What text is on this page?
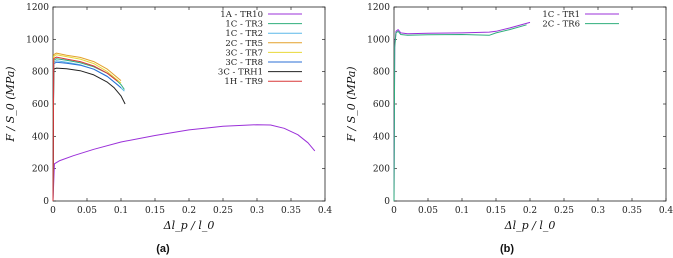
0 0.05 0.1 0.15 0.2 0.25 0.3 0.35 0.4
0
200
400
600
800
1000
1200
1A - TR10
1C - TR3
1C - TR2
2C - TR5
3C - TR7
3C - TR8
3C - TRH1
1H - TR9
Δl_p / l_0
F / S_0 (MPa)
(a)
0 0.05 0.1 0.15 0.2 0.25 0.3 0.35 0.4
0
200
400
600
800
1000
1200
1C - TR1
2C - TR6
Δl_p / l_0
F / S_0 (MPa)
(b)
